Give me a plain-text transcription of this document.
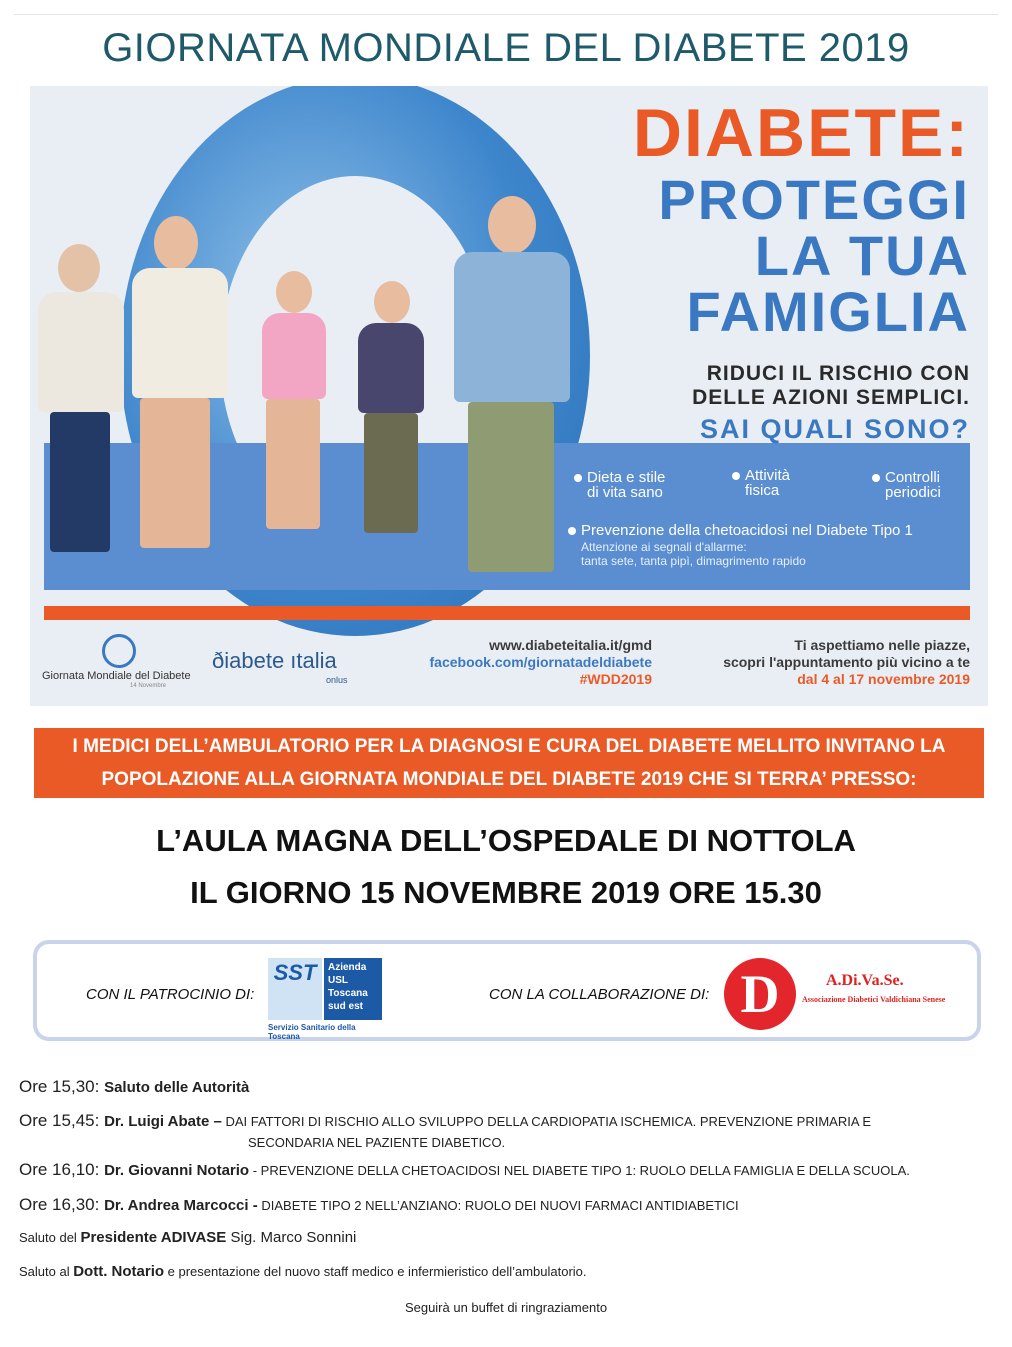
GIORNATA MONDIALE DEL DIABETE 2019
DIABETE:
PROTEGGI
LA TUA
FAMIGLIA
RIDUCI IL RISCHIO CON
DELLE AZIONI SEMPLICI.
SAI QUALI SONO?
Dieta e stile
di vita sano
Attività
fisica
Controlli
periodici
Prevenzione della chetoacidosi nel Diabete Tipo 1
Attenzione ai segnali d'allarme:
tanta sete, tanta pipì, dimagrimento rapido
Giornata Mondiale del Diabete
14 Novembre
ðiabete ıtalia
onlus
www.diabeteitalia.it/gmd
facebook.com/giornatadeldiabete
#WDD2019
Ti aspettiamo nelle piazze,
scopri l'appuntamento più vicino a te
dal 4 al 17 novembre 2019
I MEDICI DELL’AMBULATORIO PER LA DIAGNOSI E CURA DEL DIABETE MELLITO INVITANO LA
POPOLAZIONE ALLA GIORNATA MONDIALE DEL DIABETE 2019 CHE SI TERRA’ PRESSO:
L’AULA MAGNA DELL’OSPEDALE DI NOTTOLA
IL GIORNO 15 NOVEMBRE 2019 ORE 15.30
CON IL PATROCINIO DI:
SST	Azienda USL Toscana sud est
Servizio Sanitario della Toscana
CON LA COLLABORAZIONE DI: D	A.Di.Va.Se.
Associazione Diabetici Valdichiana Senese
Ore 15,30: Saluto delle Autorità
Ore 15,45: Dr. Luigi Abate – DAI FATTORI DI RISCHIO ALLO SVILUPPO DELLA CARDIOPATIA ISCHEMICA. PREVENZIONE PRIMARIA E
SECONDARIA NEL PAZIENTE DIABETICO.
Ore 16,10: Dr. Giovanni Notario - PREVENZIONE DELLA CHETOACIDOSI NEL DIABETE TIPO 1: RUOLO DELLA FAMIGLIA E DELLA SCUOLA.
Ore 16,30: Dr. Andrea Marcocci - DIABETE TIPO 2 NELL’ANZIANO: RUOLO DEI NUOVI FARMACI ANTIDIABETICI
Saluto del Presidente ADIVASE Sig. Marco Sonnini
Saluto al Dott. Notario e presentazione del nuovo staff medico e infermieristico dell’ambulatorio.
Seguirà un buffet di ringraziamento
